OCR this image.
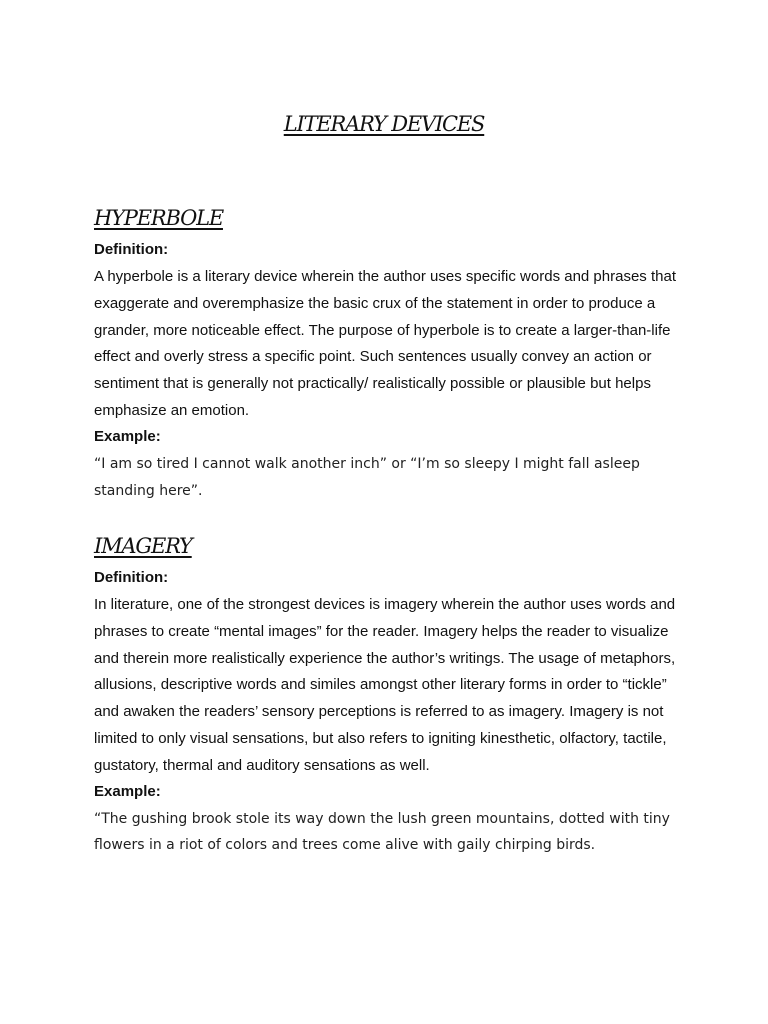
LITERARY DEVICES
HYPERBOLE
Definition:

A hyperbole is a literary device wherein the author uses specific words and phrases that exaggerate and overemphasize the basic crux of the statement in order to produce a grander, more noticeable effect. The purpose of hyperbole is to create a larger-than-life effect and overly stress a specific point. Such sentences usually convey an action or sentiment that is generally not practically/ realistically possible or plausible but helps emphasize an emotion.

Example:

“I am so tired I cannot walk another inch” or “I’m so sleepy I might fall asleep standing here”.

IMAGERY
Definition:

In literature, one of the strongest devices is imagery wherein the author uses words and phrases to create “mental images” for the reader. Imagery helps the reader to visualize and therein more realistically experience the author’s writings. The usage of metaphors, allusions, descriptive words and similes amongst other literary forms in order to “tickle” and awaken the readers’ sensory perceptions is referred to as imagery. Imagery is not limited to only visual sensations, but also refers to igniting kinesthetic, olfactory, tactile, gustatory, thermal and auditory sensations as well.

Example:

“The gushing brook stole its way down the lush green mountains, dotted with tiny flowers in a riot of colors and trees come alive with gaily chirping birds.
